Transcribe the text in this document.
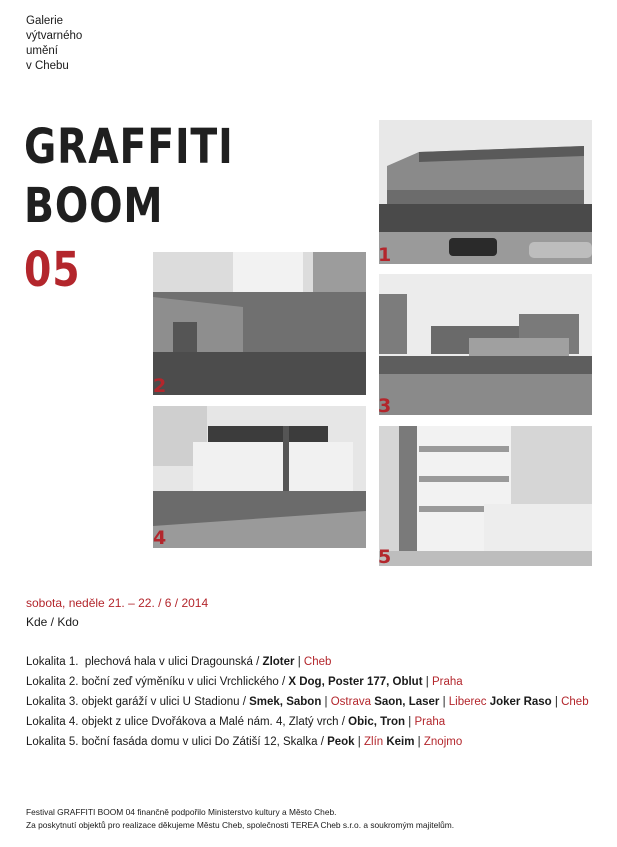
Galerie
výtvarného
umění
v Chebu
GRAFFITI
BOOM
05	1
2
3
4
5
sobota, neděle 21. – 22. / 6 / 2014
Kde / Kdo
Lokalita 1. plechová hala v ulici Dragounská / Zloter | Cheb
Lokalita 2. boční zeď výměníku v ulici Vrchlického / X Dog, Poster 177, Oblut | Praha
Lokalita 3. objekt garáží v ulici U Stadionu / Smek, Sabon | Ostrava Saon, Laser | Liberec Joker Raso | Cheb
Lokalita 4. objekt z ulice Dvořákova a Malé nám. 4, Zlatý vrch / Obic, Tron | Praha
Lokalita 5. boční fasáda domu v ulici Do Zátiší 12, Skalka / Peok | Zlín Keim | Znojmo
Festival GRAFFITI BOOM 04 finančně podpořilo Ministerstvo kultury a Město Cheb.
Za poskytnutí objektů pro realizace děkujeme Městu Cheb, společnosti TEREA Cheb s.r.o. a soukromým majitelům.
